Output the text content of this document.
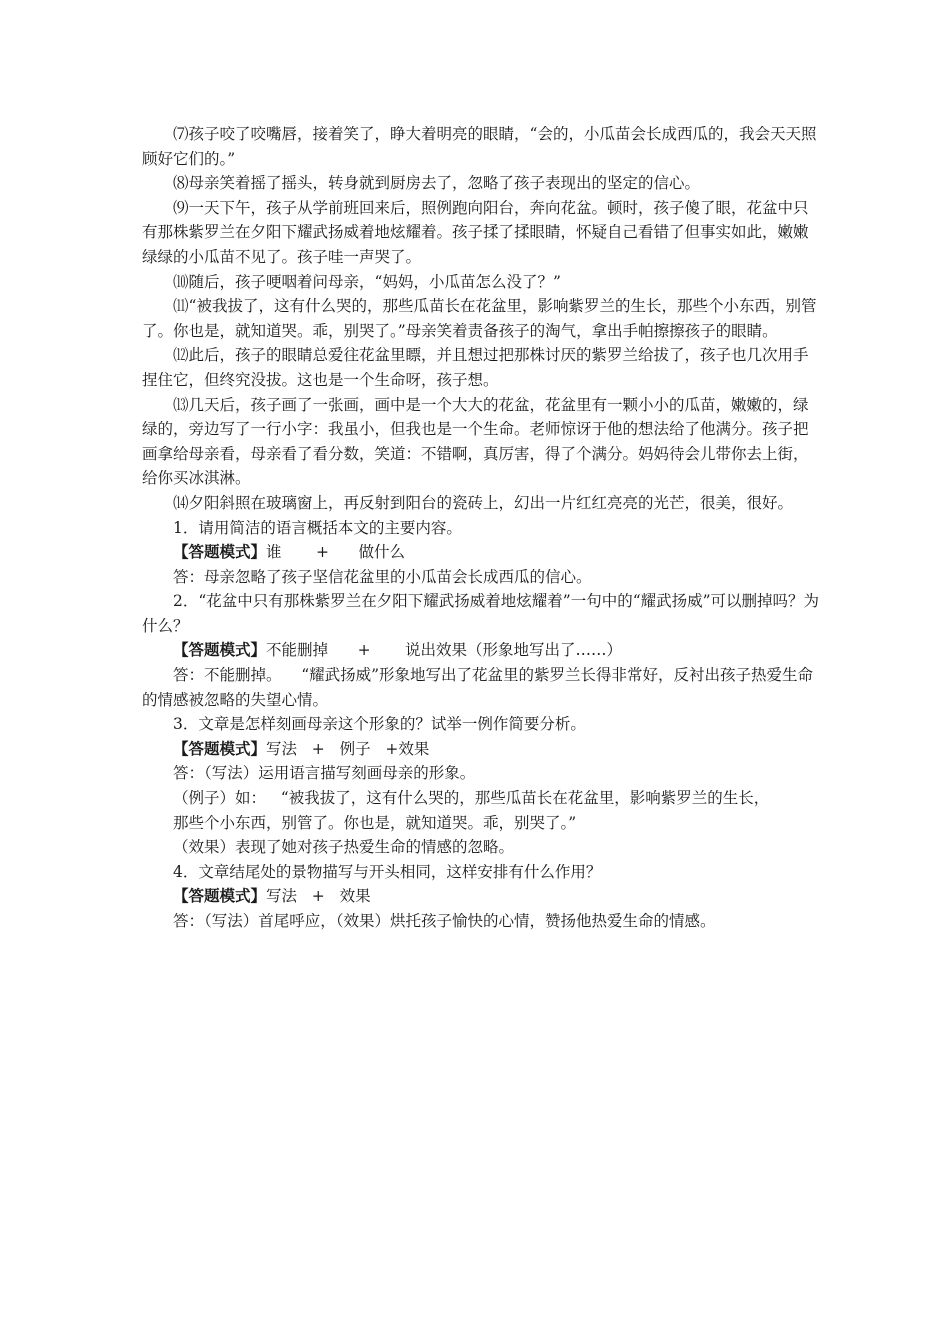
⑺孩子咬了咬嘴唇，接着笑了，睁大着明亮的眼睛，“会的，小瓜苗会长成西瓜的，我会天天照顾好它们的。”

⑻母亲笑着摇了摇头，转身就到厨房去了，忽略了孩子表现出的坚定的信心。

⑼一天下午，孩子从学前班回来后，照例跑向阳台，奔向花盆。顿时，孩子傻了眼，花盆中只有那株紫罗兰在夕阳下耀武扬威着地炫耀着。孩子揉了揉眼睛，怀疑自己看错了但事实如此，嫩嫩绿绿的小瓜苗不见了。孩子哇一声哭了。

⑽随后，孩子哽咽着问母亲，“妈妈，小瓜苗怎么没了？”

⑾“被我拔了，这有什么哭的，那些瓜苗长在花盆里，影响紫罗兰的生长，那些个小东西，别管了。你也是，就知道哭。乖，别哭了。”母亲笑着责备孩子的淘气，拿出手帕擦擦孩子的眼睛。

⑿此后，孩子的眼睛总爱往花盆里瞟，并且想过把那株讨厌的紫罗兰给拔了，孩子也几次用手捏住它，但终究没拔。这也是一个生命呀，孩子想。

⒀几天后，孩子画了一张画，画中是一个大大的花盆，花盆里有一颗小小的瓜苗，嫩嫩的，绿绿的，旁边写了一行小字：我虽小，但我也是一个生命。老师惊讶于他的想法给了他满分。孩子把画拿给母亲看，母亲看了看分数，笑道：不错啊，真厉害，得了个满分。妈妈待会儿带你去上街，给你买冰淇淋。

⒁夕阳斜照在玻璃窗上，再反射到阳台的瓷砖上，幻出一片红红亮亮的光芒，很美，很好。

1．请用简洁的语言概括本文的主要内容。

【答题模式】谁       +      做什么

答：母亲忽略了孩子坚信花盆里的小瓜苗会长成西瓜的信心。

2．“花盆中只有那株紫罗兰在夕阳下耀武扬威着地炫耀着”一句中的“耀武扬威”可以删掉吗？为什么？

【答题模式】不能删掉      +       说出效果（形象地写出了……）

答：不能删掉。    “耀武扬威”形象地写出了花盆里的紫罗兰长得非常好，反衬出孩子热爱生命的情感被忽略的失望心情。

3．文章是怎样刻画母亲这个形象的？试举一例作简要分析。

【答题模式】写法   +   例子   +效果

答：（写法）运用语言描写刻画母亲的形象。

（例子）如：   “被我拔了，这有什么哭的，那些瓜苗长在花盆里，影响紫罗兰的生长，

那些个小东西，别管了。你也是，就知道哭。乖，别哭了。”

（效果）表现了她对孩子热爱生命的情感的忽略。

4．文章结尾处的景物描写与开头相同，这样安排有什么作用？

【答题模式】写法   +   效果

答：（写法）首尾呼应，（效果）烘托孩子愉快的心情，赞扬他热爱生命的情感。
